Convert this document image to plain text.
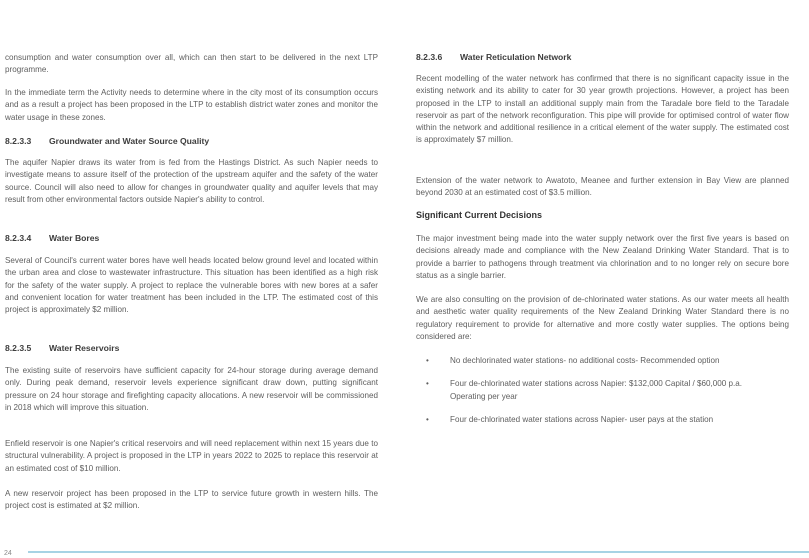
consumption and water consumption over all, which can then start to be delivered in the next LTP programme.

In the immediate term the Activity needs to determine where in the city most of its consumption occurs and as a result a project has been proposed in the LTP to establish district water zones and monitor the water usage in these zones.

8.2.3.3 Groundwater and Water Source Quality

The aquifer Napier draws its water from is fed from the Hastings District. As such Napier needs to investigate means to assure itself of the protection of the upstream aquifer and the safety of the water source. Council will also need to allow for changes in groundwater quality and aquifer levels that may result from other environmental factors outside Napier's ability to control.

8.2.3.4 Water Bores

Several of Council's current water bores have well heads located below ground level and located within the urban area and close to wastewater infrastructure. This situation has been identified as a high risk for the safety of the water supply. A project to replace the vulnerable bores with new bores at a safer and convenient location for water treatment has been included in the LTP. The estimated cost of this project is approximately $2 million.

8.2.3.5 Water Reservoirs

The existing suite of reservoirs have sufficient capacity for 24-hour storage during average demand only. During peak demand, reservoir levels experience significant draw down, putting significant pressure on 24 hour storage and firefighting capacity allocations. A new reservoir will be commissioned in 2018 which will improve this situation.

Enfield reservoir is one Napier's critical reservoirs and will need replacement within next 15 years due to structural vulnerability. A project is proposed in the LTP in years 2022 to 2025 to replace this reservoir at an estimated cost of $10 million.

A new reservoir project has been proposed in the LTP to service future growth in western hills. The project cost is estimated at $2 million.

8.2.3.6 Water Reticulation Network

Recent modelling of the water network has confirmed that there is no significant capacity issue in the existing network and its ability to cater for 30 year growth projections. However, a project has been proposed in the LTP to install an additional supply main from the Taradale bore field to the Taradale reservoir as part of the network reconfiguration. This pipe will provide for optimised control of water flow within the network and additional resilience in a critical element of the water supply. The estimated cost is approximately $7 million.

Extension of the water network to Awatoto, Meanee and further extension in Bay View are planned beyond 2030 at an estimated cost of $3.5 million.

Significant Current Decisions

The major investment being made into the water supply network over the first five years is based on decisions already made and compliance with the New Zealand Drinking Water Standard. That is to provide a barrier to pathogens through treatment via chlorination and to no longer rely on secure bore status as a single barrier.

We are also consulting on the provision of de-chlorinated water stations. As our water meets all health and aesthetic water quality requirements of the New Zealand Drinking Water Standard there is no regulatory requirement to provide for alternative and more costly water supplies. The options being considered are:

•	No dechlorinated water stations- no additional costs- Recommended option
•	Four de-chlorinated water stations across Napier: $132,000 Capital / $60,000 p.a. Operating per year
•	Four de-chlorinated water stations across Napier- user pays at the station
24
